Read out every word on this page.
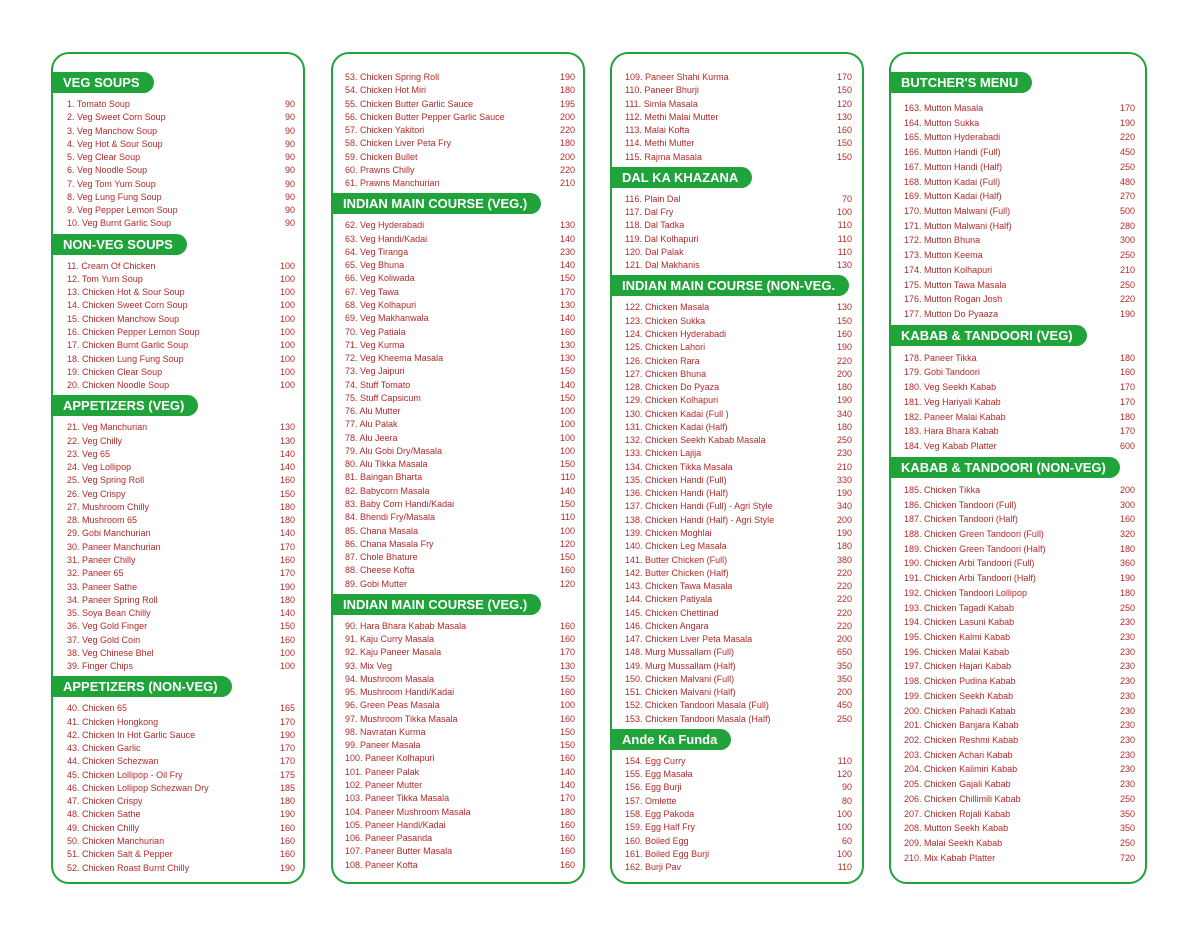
VEG SOUPS
1. Tomato Soup	90
2. Veg Sweet Corn Soup	90
3. Veg Manchow Soup	90
4. Veg Hot & Sour Soup	90
5. Veg Clear Soup	90
6. Veg Noodle Soup	90
7. Veg Tom Yum Soup	90
8. Veg Lung Fung Soup	90
9. Veg Pepper Lemon Soup	90
10. Veg Burnt Garlic Soup	90
NON-VEG SOUPS
11. Cream Of Chicken	100
12. Tom Yum Soup	100
13. Chicken Hot & Sour Soup	100
14. Chicken Sweet Corn Soup	100
15. Chicken Manchow Soup	100
16. Chicken Pepper Lemon Soup	100
17. Chicken Burnt Garlic Soup	100
18. Chicken Lung Fung Soup	100
19. Chicken Clear Soup	100
20. Chicken Noodle Soup	100
APPETIZERS (VEG)
21. Veg Manchurian	130
22. Veg Chilly	130
23. Veg 65	140
24. Veg Lollipop	140
25. Veg Spring Roll	160
26. Veg Crispy	150
27. Mushroom Chilly	180
28. Mushroom 65	180
29. Gobi Manchurian	140
30. Paneer Manchurian	170
31. Paneer Chilly	160
32. Paneer 65	170
33. Paneer Sathe	190
34. Paneer Spring Roll	180
35. Soya Bean Chilly	140
36. Veg Gold Finger	150
37. Veg Gold Coin	160
38. Veg Chinese Bhel	100
39. Finger Chips	100
APPETIZERS (NON-VEG)
40. Chicken 65	165
41. Chicken Hongkong	170
42. Chicken In Hot Garlic Sauce	190
43. Chicken Garlic	170
44. Chicken Schezwan	170
45. Chicken Lollipop - Oil Fry	175
46. Chicken Lollipop Schezwan Dry	185
47. Chicken Crispy	180
48. Chicken Sathe	190
49. Chicken Chilly	160
50. Chicken Manchurian	160
51. Chicken Salt & Pepper	160
52. Chicken Roast Burnt Chilly	190
53. Chicken Spring Roll	190
54. Chicken Hot Miri	180
55. Chicken Butter Garlic Sauce	195
56. Chicken Butter Pepper Garlic Sauce	200
57. Chicken Yakitori	220
58. Chicken Liver Peta Fry	180
59. Chicken Bullet	200
60. Prawns Chilly	220
61. Prawns Manchurian	210
INDIAN MAIN COURSE (VEG.)
62. Veg Hyderabadi	130
63. Veg Handi/Kadai	140
64. Veg Tiranga	230
65. Veg Bhuna	140
66. Veg Koliwada	150
67. Veg Tawa	170
68. Veg Kolhapuri	130
69. Veg Makhanwala	140
70. Veg Patiala	160
71. Veg Kurma	130
72. Veg Kheema Masala	130
73. Veg Jaipuri	150
74. Stuff Tomato	140
75. Stuff Capsicum	150
76. Alu Mutter	100
77. Alu Palak	100
78. Alu Jeera	100
79. Alu Gobi Dry/Masala	100
80. Alu Tikka Masala	150
81. Baingan Bharta	110
82. Babycorn Masala	140
83. Baby Corn Handi/Kadai	150
84. Bhendi Fry/Masala	110
85. Chana Masala	100
86. Chana Masala Fry	120
87. Chole Bhature	150
88. Cheese Kofta	160
89. Gobi Mutter	120
INDIAN MAIN COURSE (VEG.)
90. Hara Bhara Kabab Masala	160
91. Kaju Curry Masala	160
92. Kaju Paneer Masala	170
93. Mix Veg	130
94. Mushroom Masala	150
95. Mushroom Handi/Kadai	160
96. Green Peas Masala	100
97. Mushroom Tikka Masala	160
98. Navratan Kurma	150
99. Paneer Masala	150
100. Paneer Kolhapuri	160
101. Paneer Palak	140
102. Paneer Mutter	140
103. Paneer Tikka Masala	170
104. Paneer Mushroom Masala	180
105. Paneer Handi/Kadai	160
106. Paneer Pasanda	160
107. Paneer Butter Masala	160
108. Paneer Kofta	160
109. Paneer Shahi Kurma	170
110. Paneer Bhurji	150
111. Simla Masala	120
112. Methi Malai Mutter	130
113. Malai Kofta	160
114. Methi Mutter	150
115. Rajma Masala	150
DAL KA KHAZANA
116. Plain Dal	70
117. Dal Fry	100
118. Dal Tadka	110
119. Dal Kolhapuri	110
120. Dal Palak	110
121. Dal Makhanis	130
INDIAN MAIN COURSE (NON-VEG.
122. Chicken Masala	130
123. Chicken Sukka	150
124. Chicken Hyderabadi	160
125. Chicken Lahori	190
126. Chicken Rara	220
127. Chicken Bhuna	200
128. Chicken Do Pyaza	180
129. Chicken Kolhapuri	190
130. Chicken Kadai (Full )	340
131. Chicken Kadai (Half)	180
132. Chicken Seekh Kabab Masala	250
133. Chicken Lajija	230
134. Chicken Tikka Masala	210
135. Chicken Handi (Full)	330
136. Chicken Handi (Half)	190
137. Chicken Handi (Full) - Agri Style	340
138. Chicken Handi (Half) - Agri Style	200
139. Chicken Moghlai	190
140. Chicken Leg Masala	180
141. Butter Chicken (Full)	380
142. Butter Chicken (Half)	220
143. Chicken Tawa Masala	220
144. Chicken Patiyala	220
145. Chicken Chettinad	220
146. Chicken Angara	220
147. Chicken Liver Peta Masala	200
148. Murg Mussallam (Full)	650
149. Murg Mussallam (Half)	350
150. Chicken Malvani (Full)	350
151. Chicken Malvani (Half)	200
152. Chicken Tandoori Masala (Full)	450
153. Chicken Tandoori Masala (Half)	250
Ande Ka Funda
154. Egg Curry	110
155. Egg Masala	120
156. Egg Burji	90
157. Omlette	80
158. Egg Pakoda	100
159. Egg Half Fry	100
160. Boiled Egg	60
161. Boiled Egg Burji	100
162. Burji Pav	110
BUTCHER'S MENU
163. Mutton Masala	170
164. Mutton Sukka	190
165. Mutton Hyderabadi	220
166. Mutton Handi (Full)	450
167. Mutton Handi (Half)	250
168. Mutton Kadai (Full)	480
169. Mutton Kadai (Half)	270
170. Mutton Malwani (Full)	500
171. Mutton Malwani (Half)	280
172. Mutton Bhuna	300
173. Mutton Keema	250
174. Mutton Kolhapuri	210
175. Mutton Tawa Masala	250
176. Mutton Rogan Josh	220
177. Mutton Do Pyaaza	190
KABAB & TANDOORI (VEG)
178. Paneer Tikka	180
179. Gobi Tandoori	160
180. Veg Seekh Kabab	170
181. Veg Hariyali Kabab	170
182. Paneer Malai Kabab	180
183. Hara Bhara Kabab	170
184. Veg Kabab Platter	600
KABAB & TANDOORI (NON-VEG)
185. Chicken Tikka	200
186. Chicken Tandoori (Full)	300
187. Chicken Tandoori (Half)	160
188. Chicken Green Tandoori (Full)	320
189. Chicken Green Tandoori (Half)	180
190. Chicken Arbi Tandoori (Full)	360
191. Chicken Arbi Tandoori (Half)	190
192. Chicken Tandoori Lollipop	180
193. Chicken Tagadi Kabab	250
194. Chicken Lasuni Kabab	230
195. Chicken Kalmi Kabab	230
196. Chicken Malai Kabab	230
197. Chicken Hajari Kabab	230
198. Chicken Pudina Kabab	230
199. Chicken Seekh Kabab	230
200. Chicken Pahadi Kabab	230
201. Chicken Banjara Kabab	230
202. Chicken Reshmi Kabab	230
203. Chicken Achari Kabab	230
204. Chicken Kalimiri Kabab	230
205. Chicken Gajali Kabab	230
206. Chicken Chillimili Kabab	250
207. Chicken Rojali Kabab	350
208. Mutton Seekh Kabab	350
209. Malai Seekh Kabab	250
210. Mix Kabab Platter	720
